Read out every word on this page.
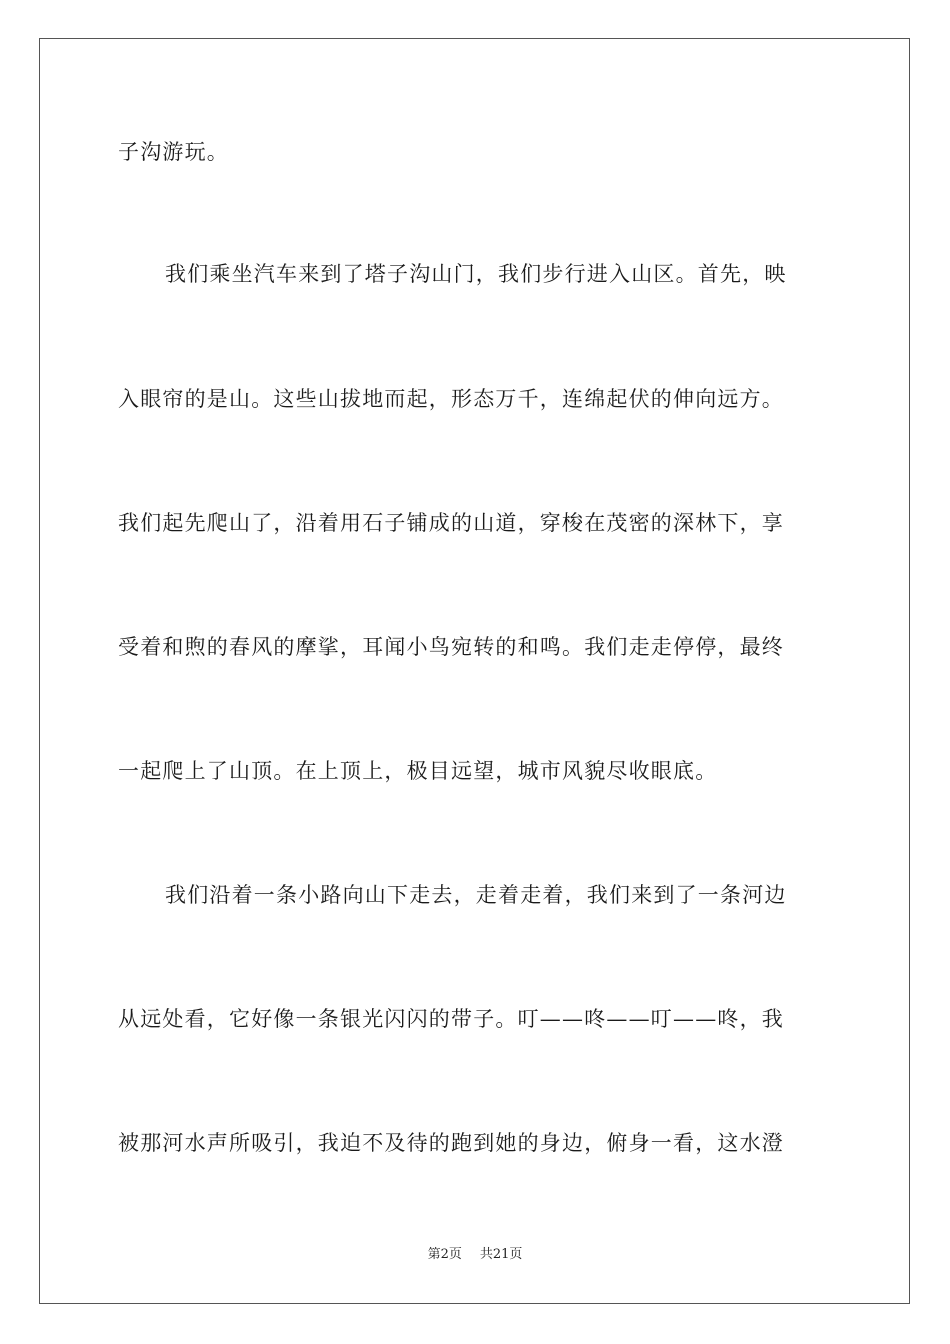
子沟游玩。
我们乘坐汽车来到了塔子沟山门，我们步行进入山区。首先，映
入眼帘的是山。这些山拔地而起，形态万千，连绵起伏的伸向远方。
我们起先爬山了，沿着用石子铺成的山道，穿梭在茂密的深林下，享
受着和煦的春风的摩挲，耳闻小鸟宛转的和鸣。我们走走停停，最终
一起爬上了山顶。在上顶上，极目远望，城市风貌尽收眼底。
我们沿着一条小路向山下走去，走着走着，我们来到了一条河边
从远处看，它好像一条银光闪闪的带子。叮——咚——叮——咚，我
被那河水声所吸引，我迫不及待的跑到她的身边，俯身一看，这水澄
第2页 共21页
